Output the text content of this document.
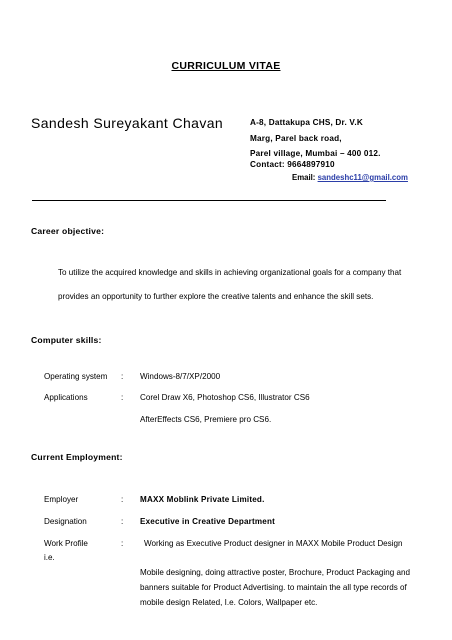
CURRICULUM VITAE
Sandesh Sureyakant Chavan	A-8, Dattakupa CHS, Dr. V.K
Marg, Parel back road,
Parel village, Mumbai – 400 012.
Contact: 9664897910
Email: sandeshc11@gmail.com
Career objective:
To utilize the acquired knowledge and skills in achieving organizational goals for a company that
provides an opportunity to further explore the creative talents and enhance the skill sets.
Computer skills:
Operating system : Windows-8/7/XP/2000
Applications	: Corel Draw X6, Photoshop CS6, Illustrator CS6
AfterEffects CS6, Premiere pro CS6.
Current Employment:
Employer	: MAXX Moblink Private Limited.
Designation	: Executive in Creative Department
Work Profile	:	Working as Executive Product designer in MAXX Mobile Product Design
i.e.
Mobile designing, doing attractive poster, Brochure, Product Packaging and
banners suitable for Product Advertising. to maintain the all type records of
mobile design Related, I.e. Colors, Wallpaper etc.
